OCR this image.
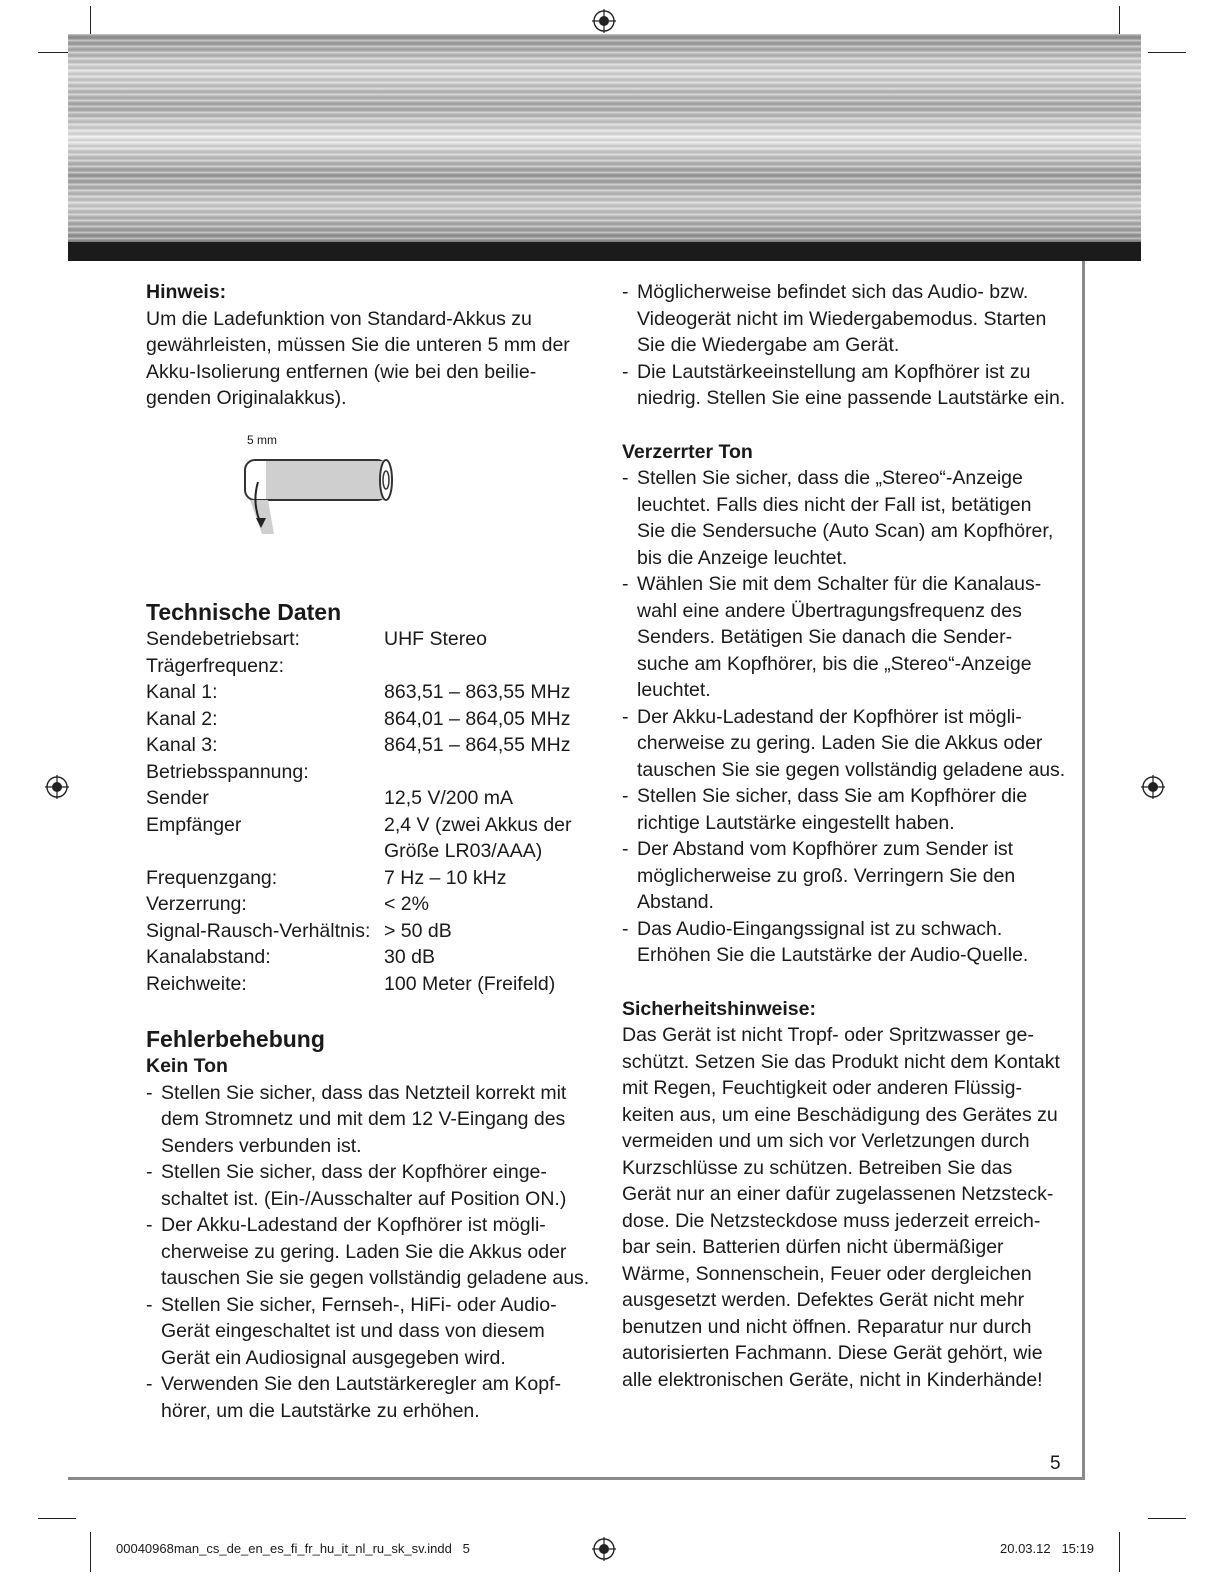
Hinweis:

Um die Ladefunktion von Standard-Akkus zu

gewährleisten, müssen Sie die unteren 5 mm der

Akku-Isolierung entfernen (wie bei den beilie-

genden Originalakkus).

5 mm
Technische Daten
Sendebetriebsart:	UHF Stereo
Trägerfrequenz:	
Kanal 1:	863,51 – 863,55 MHz
Kanal 2:	864,01 – 864,05 MHz
Kanal 3:	864,51 – 864,55 MHz
Betriebsspannung:	
Sender	12,5 V/200 mA
Empfänger	2,4 V (zwei Akkus der
	Größe LR03/AAA)
Frequenzgang:	7 Hz – 10 kHz
Verzerrung:	< 2%
Signal-Rausch-Verhältnis:	> 50 dB
Kanalabstand:	30 dB
Reichweite:	100 Meter (Freifeld)
Fehlerbehebung
Kein Ton
- Stellen Sie sicher, dass das Netzteil korrekt mit
dem Stromnetz und mit dem 12 V-Eingang des
Senders verbunden ist.
- Stellen Sie sicher, dass der Kopfhörer einge-
schaltet ist. (Ein-/Ausschalter auf Position ON.)
- Der Akku-Ladestand der Kopfhörer ist mögli-
cherweise zu gering. Laden Sie die Akkus oder
tauschen Sie sie gegen vollständig geladene aus.
- Stellen Sie sicher, Fernseh-, HiFi- oder Audio-
Gerät eingeschaltet ist und dass von diesem
Gerät ein Audiosignal ausgegeben wird.
- Verwenden Sie den Lautstärkeregler am Kopf-
hörer, um die Lautstärke zu erhöhen.
- Möglicherweise befindet sich das Audio- bzw.
Videogerät nicht im Wiedergabemodus. Starten
Sie die Wiedergabe am Gerät.
- Die Lautstärkeeinstellung am Kopfhörer ist zu
niedrig. Stellen Sie eine passende Lautstärke ein.
Verzerrter Ton
- Stellen Sie sicher, dass die „Stereo“-Anzeige
leuchtet. Falls dies nicht der Fall ist, betätigen
Sie die Sendersuche (Auto Scan) am Kopfhörer,
bis die Anzeige leuchtet.
- Wählen Sie mit dem Schalter für die Kanalaus-
wahl eine andere Übertragungsfrequenz des
Senders. Betätigen Sie danach die Sender-
suche am Kopfhörer, bis die „Stereo“-Anzeige
leuchtet.
- Der Akku-Ladestand der Kopfhörer ist mögli-
cherweise zu gering. Laden Sie die Akkus oder
tauschen Sie sie gegen vollständig geladene aus.
- Stellen Sie sicher, dass Sie am Kopfhörer die
richtige Lautstärke eingestellt haben.
- Der Abstand vom Kopfhörer zum Sender ist
möglicherweise zu groß. Verringern Sie den
Abstand.
- Das Audio-Eingangssignal ist zu schwach.
Erhöhen Sie die Lautstärke der Audio-Quelle.
Sicherheitshinweise:

Das Gerät ist nicht Tropf- oder Spritzwasser ge-

schützt. Setzen Sie das Produkt nicht dem Kontakt

mit Regen, Feuchtigkeit oder anderen Flüssig-

keiten aus, um eine Beschädigung des Gerätes zu

vermeiden und um sich vor Verletzungen durch

Kurzschlüsse zu schützen. Betreiben Sie das

Gerät nur an einer dafür zugelassenen Netzsteck-

dose. Die Netzsteckdose muss jederzeit erreich-

bar sein. Batterien dürfen nicht übermäßiger

Wärme, Sonnenschein, Feuer oder dergleichen

ausgesetzt werden. Defektes Gerät nicht mehr

benutzen und nicht öffnen. Reparatur nur durch

autorisierten Fachmann. Diese Gerät gehört, wie

alle elektronischen Geräte, nicht in Kinderhände!

5
00040968man_cs_de_en_es_fi_fr_hu_it_nl_ru_sk_sv.indd   5	20.03.12   15:19
